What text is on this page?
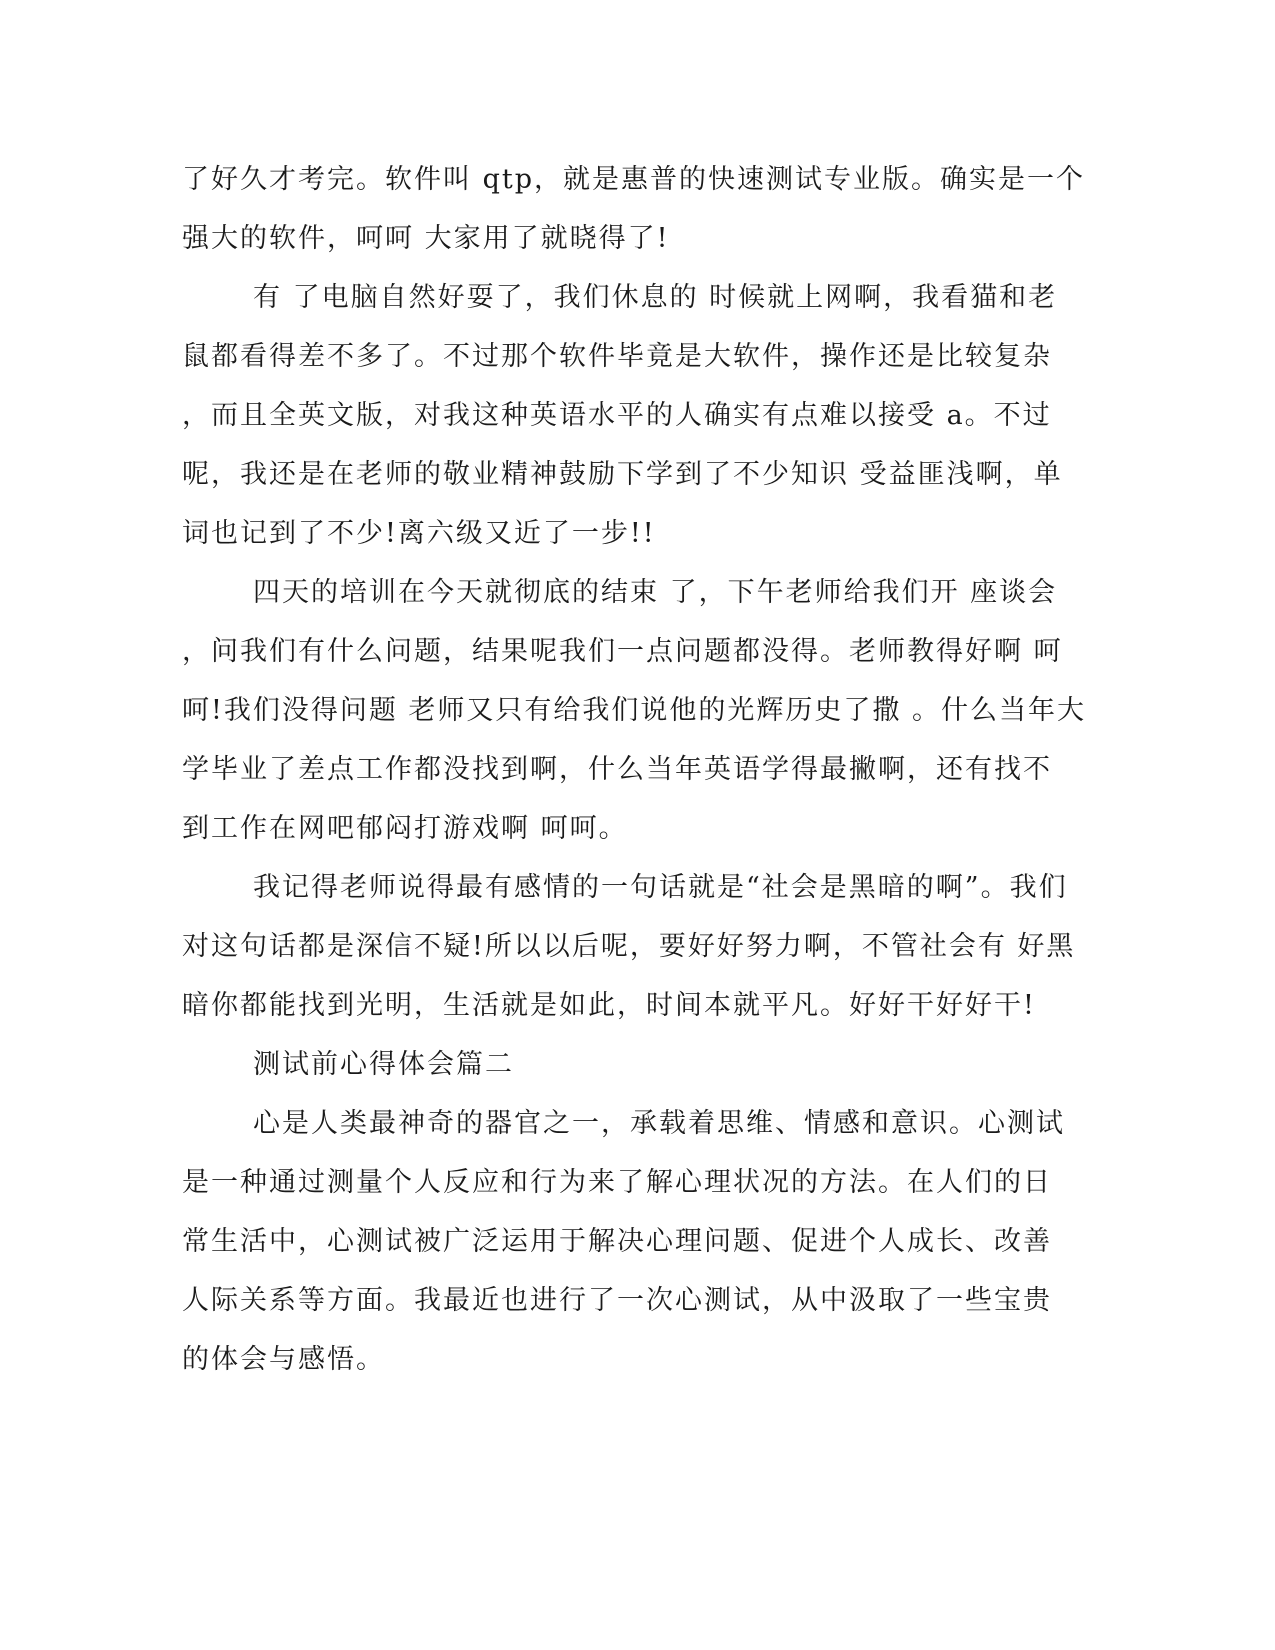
了好久才考完。软件叫 qtp，就是惠普的快速测试专业版。确实是一个

强大的软件，呵呵 大家用了就晓得了!

有 了电脑自然好耍了，我们休息的 时候就上网啊，我看猫和老

鼠都看得差不多了。不过那个软件毕竟是大软件，操作还是比较复杂

，而且全英文版，对我这种英语水平的人确实有点难以接受 a。不过

呢，我还是在老师的敬业精神鼓励下学到了不少知识 受益匪浅啊，单

词也记到了不少!离六级又近了一步!!

四天的培训在今天就彻底的结束 了，下午老师给我们开 座谈会

，问我们有什么问题，结果呢我们一点问题都没得。老师教得好啊 呵

呵!我们没得问题 老师又只有给我们说他的光辉历史了撒 。什么当年大

学毕业了差点工作都没找到啊，什么当年英语学得最撇啊，还有找不

到工作在网吧郁闷打游戏啊 呵呵。

我记得老师说得最有感情的一句话就是“社会是黑暗的啊”。我们

对这句话都是深信不疑!所以以后呢，要好好努力啊，不管社会有 好黑

暗你都能找到光明，生活就是如此，时间本就平凡。好好干好好干!

测试前心得体会篇二

心是人类最神奇的器官之一，承载着思维、情感和意识。心测试

是一种通过测量个人反应和行为来了解心理状况的方法。在人们的日

常生活中，心测试被广泛运用于解决心理问题、促进个人成长、改善

人际关系等方面。我最近也进行了一次心测试，从中汲取了一些宝贵

的体会与感悟。
